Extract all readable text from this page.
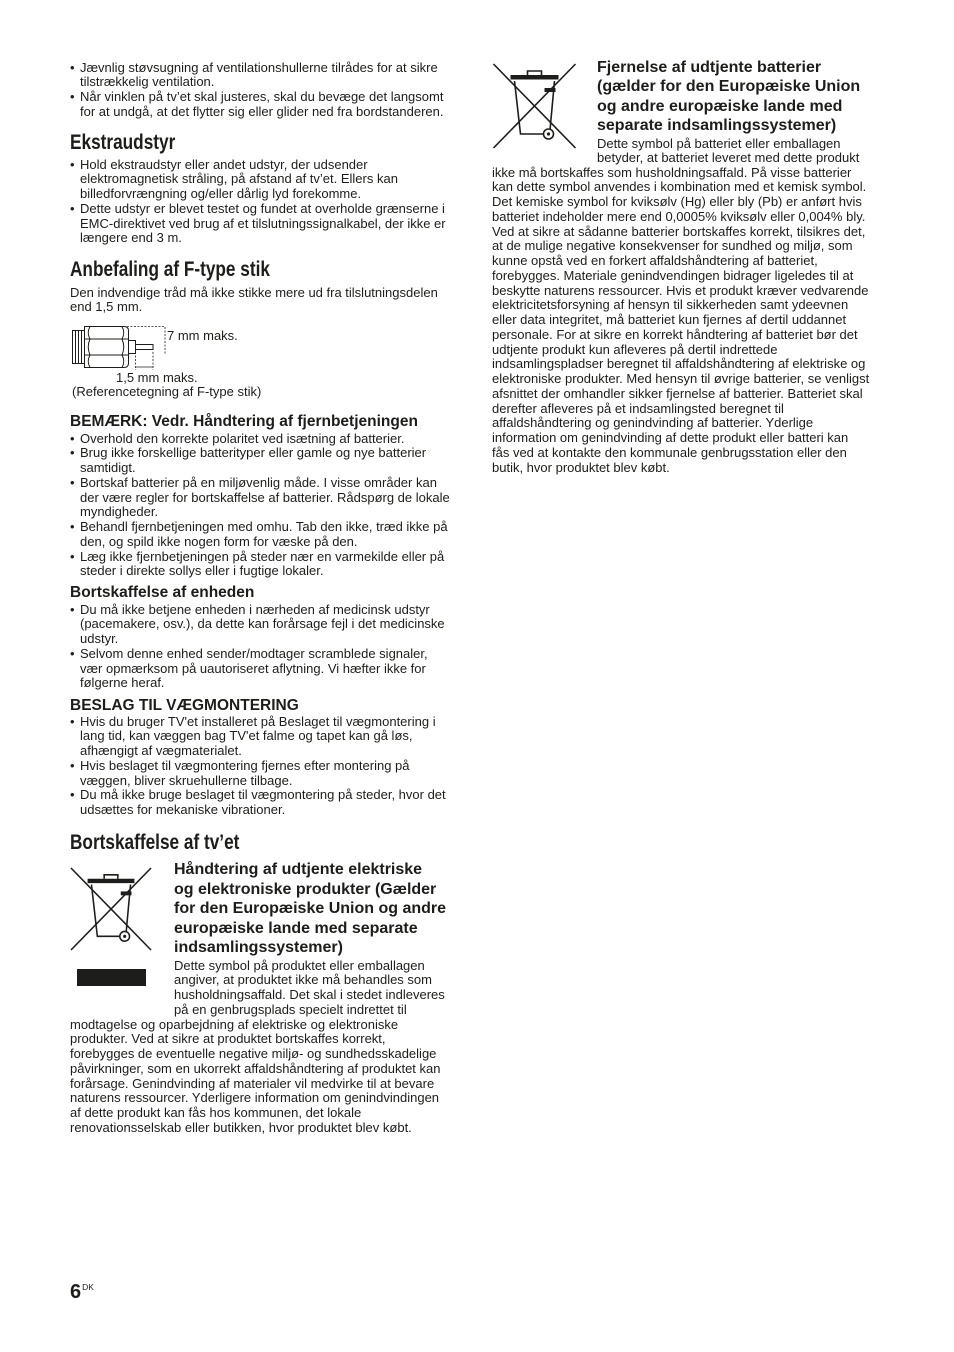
• Jævnlig støvsugning af ventilationshullerne tilrådes for at sikre
tilstrækkelig ventilation.
• Når vinklen på tv’et skal justeres, skal du bevæge det langsomt
for at undgå, at det flytter sig eller glider ned fra bordstanderen.
Ekstraudstyr
• Hold ekstraudstyr eller andet udstyr, der udsender
elektromagnetisk stråling, på afstand af tv’et. Ellers kan
billedforvrængning og/eller dårlig lyd forekomme.
• Dette udstyr er blevet testet og fundet at overholde grænserne i
EMC-direktivet ved brug af et tilslutningssignalkabel, der ikke er
længere end 3 m.
Anbefaling af F-type stik

Den indvendige tråd må ikke stikke mere ud fra tilslutningsdelen
end 1,5 mm.

7 mm maks.
1,5 mm maks.
(Referencetegning af F-type stik)
BEMÆRK: Vedr. Håndtering af fjernbetjeningen
• Overhold den korrekte polaritet ved isætning af batterier.
• Brug ikke forskellige batterityper eller gamle og nye batterier
samtidigt.
• Bortskaf batterier på en miljøvenlig måde. I visse områder kan
der være regler for bortskaffelse af batterier. Rådspørg de lokale
myndigheder.
• Behandl fjernbetjeningen med omhu. Tab den ikke, træd ikke på
den, og spild ikke nogen form for væske på den.
• Læg ikke fjernbetjeningen på steder nær en varmekilde eller på
steder i direkte sollys eller i fugtige lokaler.
Bortskaffelse af enheden
• Du må ikke betjene enheden i nærheden af medicinsk udstyr
(pacemakere, osv.), da dette kan forårsage fejl i det medicinske
udstyr.
• Selvom denne enhed sender/modtager scramblede signaler,
vær opmærksom på uautoriseret aflytning. Vi hæfter ikke for
følgerne heraf.
BESLAG TIL VÆGMONTERING
• Hvis du bruger TV'et installeret på Beslaget til vægmontering i
lang tid, kan væggen bag TV'et falme og tapet kan gå løs,
afhængigt af vægmaterialet.
• Hvis beslaget til vægmontering fjernes efter montering på
væggen, bliver skruehullerne tilbage.
• Du må ikke bruge beslaget til vægmontering på steder, hvor det
udsættes for mekaniske vibrationer.
Bortskaffelse af tv’et
Håndtering af udtjente elektriske
og elektroniske produkter (Gælder
for den Europæiske Union og andre
europæiske lande med separate
indsamlingssystemer)

Dette symbol på produktet eller emballagen
angiver, at produktet ikke må behandles som
husholdningsaffald. Det skal i stedet indleveres
på en genbrugsplads specielt indrettet til

modtagelse og oparbejdning af elektriske og elektroniske
produkter. Ved at sikre at produktet bortskaffes korrekt,
forebygges de eventuelle negative miljø- og sundhedsskadelige
påvirkninger, som en ukorrekt affaldshåndtering af produktet kan
forårsage. Genindvinding af materialer vil medvirke til at bevare
naturens ressourcer. Yderligere information om genindvindingen
af dette produkt kan fås hos kommunen, det lokale
renovationsselskab eller butikken, hvor produktet blev købt.

Fjernelse af udtjente batterier
(gælder for den Europæiske Union
og andre europæiske lande med
separate indsamlingssystemer)

Dette symbol på batteriet eller emballagen
betyder, at batteriet leveret med dette produkt

ikke må bortskaffes som husholdningsaffald. På visse batterier
kan dette symbol anvendes i kombination med et kemisk symbol.
Det kemiske symbol for kviksølv (Hg) eller bly (Pb) er anført hvis
batteriet indeholder mere end 0,0005% kviksølv eller 0,004% bly.
Ved at sikre at sådanne batterier bortskaffes korrekt, tilsikres det,
at de mulige negative konsekvenser for sundhed og miljø, som
kunne opstå ved en forkert affaldshåndtering af batteriet,
forebygges. Materiale genindvendingen bidrager ligeledes til at
beskytte naturens ressourcer. Hvis et produkt kræver vedvarende
elektricitetsforsyning af hensyn til sikkerheden samt ydeevnen
eller data integritet, må batteriet kun fjernes af dertil uddannet
personale. For at sikre en korrekt håndtering af batteriet bør det
udtjente produkt kun afleveres på dertil indrettede
indsamlingspladser beregnet til affaldshåndtering af elektriske og
elektroniske produkter. Med hensyn til øvrige batterier, se venligst
afsnittet der omhandler sikker fjernelse af batterier. Batteriet skal
derefter afleveres på et indsamlingsted beregnet til
affaldshåndtering og genindvinding af batterier. Yderlige
information om genindvinding af dette produkt eller batteri kan
fås ved at kontakte den kommunale genbrugsstation eller den
butik, hvor produktet blev købt.

$6^{DK}$
